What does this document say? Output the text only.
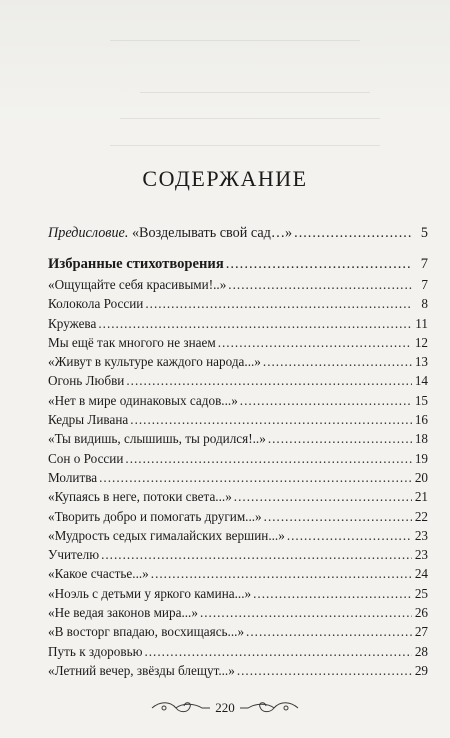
СОДЕРЖАНИЕ
Предисловие. «Возделывать свой сад…» .....	5
Избранные стихотворения .....	7
«Ощущайте себя красивыми!..» .....	7
Колокола России .....	8
Кружева .....	11
Мы ещё так многого не знаем .....	12
«Живут в культуре каждого народа...» .....	13
Огонь Любви .....	14
«Нет в мире одинаковых садов...» .....	15
Кедры Ливана .....	16
«Ты видишь, слышишь, ты родился!..» .....	18
Сон о России .....	19
Молитва .....	20
«Купаясь в неге, потоки света...» .....	21
«Творить добро и помогать другим...» .....	22
«Мудрость седых гималайских вершин...» .....	23
Учителю .....	23
«Какое счастье...» .....	24
«Ноэль с детьми у яркого камина...» .....	25
«Не ведая законов мира...» .....	26
«В восторг впадаю, восхищаясь...» .....	27
Путь к здоровью .....	28
«Летний вечер, звёзды блещут...» .....	29
220
